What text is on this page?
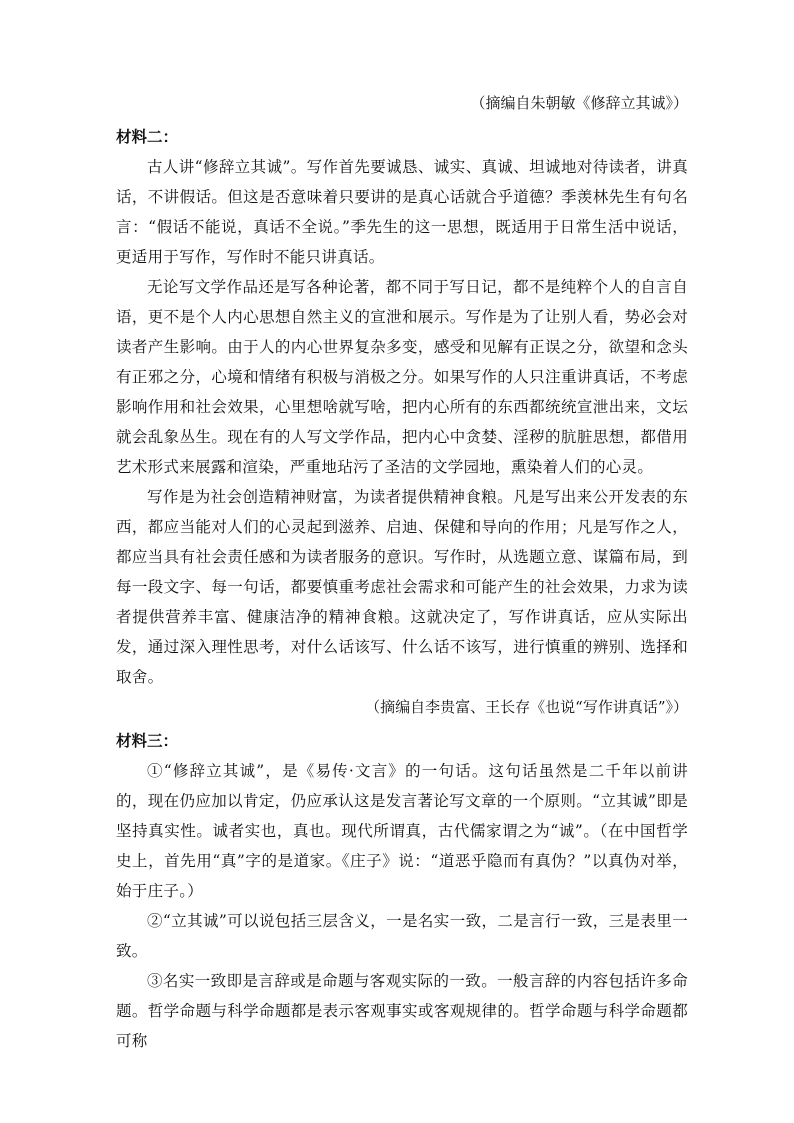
（摘编自朱朝敏《修辞立其诚》）

材料二：

古人讲“修辞立其诚”。写作首先要诚恳、诚实、真诚、坦诚地对待读者，讲真话，不讲假话。但这是否意味着只要讲的是真心话就合乎道德？季羡林先生有句名言：“假话不能说，真话不全说。”季先生的这一思想，既适用于日常生活中说话，更适用于写作，写作时不能只讲真话。

无论写文学作品还是写各种论著，都不同于写日记，都不是纯粹个人的自言自语，更不是个人内心思想自然主义的宣泄和展示。写作是为了让别人看，势必会对读者产生影响。由于人的内心世界复杂多变，感受和见解有正误之分，欲望和念头有正邪之分，心境和情绪有积极与消极之分。如果写作的人只注重讲真话，不考虑影响作用和社会效果，心里想啥就写啥，把内心所有的东西都统统宣泄出来，文坛就会乱象丛生。现在有的人写文学作品，把内心中贪婪、淫秽的肮脏思想，都借用艺术形式来展露和渲染，严重地玷污了圣洁的文学园地，熏染着人们的心灵。

写作是为社会创造精神财富，为读者提供精神食粮。凡是写出来公开发表的东西，都应当能对人们的心灵起到滋养、启迪、保健和导向的作用；凡是写作之人，都应当具有社会责任感和为读者服务的意识。写作时，从选题立意、谋篇布局，到每一段文字、每一句话，都要慎重考虑社会需求和可能产生的社会效果，力求为读者提供营养丰富、健康洁净的精神食粮。这就决定了，写作讲真话，应从实际出发，通过深入理性思考，对什么话该写、什么话不该写，进行慎重的辨别、选择和取舍。

（摘编自李贵富、王长存《也说“写作讲真话”》）

材料三：

①“修辞立其诚”，是《易传·文言》的一句话。这句话虽然是二千年以前讲的，现在仍应加以肯定，仍应承认这是发言著论写文章的一个原则。“立其诚”即是坚持真实性。诚者实也，真也。现代所谓真，古代儒家谓之为“诚”。（在中国哲学史上，首先用“真”字的是道家。《庄子》说：“道恶乎隐而有真伪？”以真伪对举，始于庄子。）

②“立其诚”可以说包括三层含义，一是名实一致，二是言行一致，三是表里一致。

③名实一致即是言辞或是命题与客观实际的一致。一般言辞的内容包括许多命题。哲学命题与科学命题都是表示客观事实或客观规律的。哲学命题与科学命题都可称
